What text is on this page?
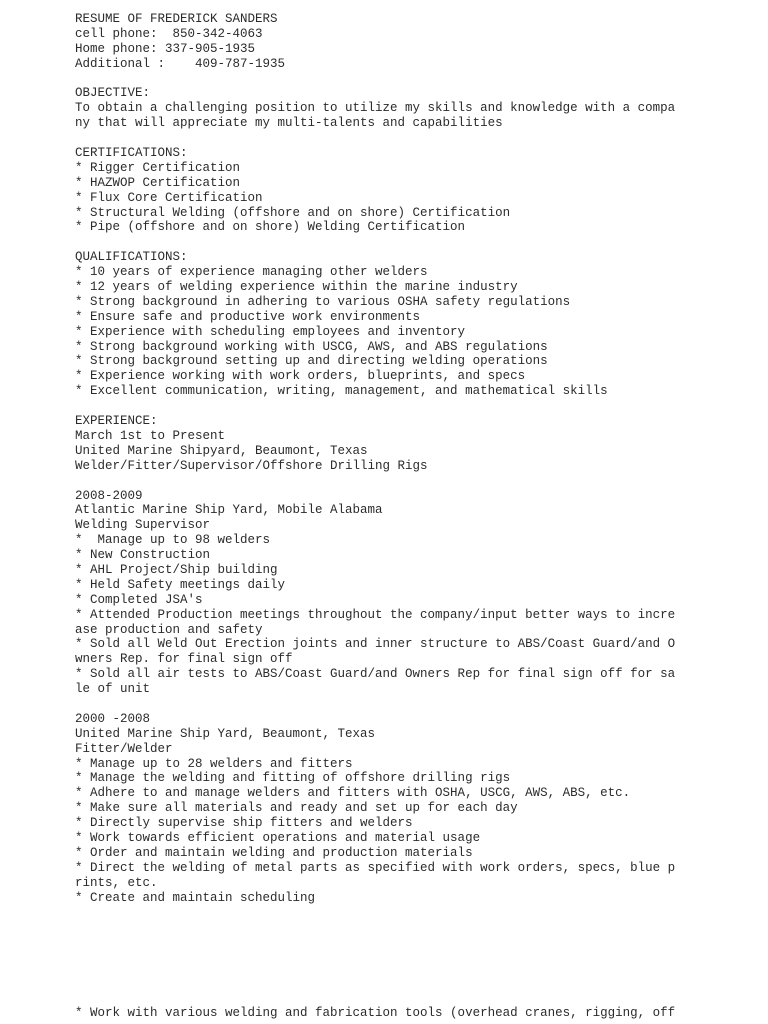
RESUME OF FREDERICK SANDERS
cell phone:  850-342-4063
Home phone: 337-905-1935
Additional :    409-787-1935
OBJECTIVE:
To obtain a challenging position to utilize my skills and knowledge with a compa
ny that will appreciate my multi-talents and capabilities
CERTIFICATIONS:
* Rigger Certification
* HAZWOP Certification
* Flux Core Certification
* Structural Welding (offshore and on shore) Certification
* Pipe (offshore and on shore) Welding Certification
QUALIFICATIONS:
* 10 years of experience managing other welders
* 12 years of welding experience within the marine industry
* Strong background in adhering to various OSHA safety regulations
* Ensure safe and productive work environments
* Experience with scheduling employees and inventory
* Strong background working with USCG, AWS, and ABS regulations
* Strong background setting up and directing welding operations
* Experience working with work orders, blueprints, and specs
* Excellent communication, writing, management, and mathematical skills
EXPERIENCE:
March 1st to Present
United Marine Shipyard, Beaumont, Texas
Welder/Fitter/Supervisor/Offshore Drilling Rigs
2008-2009
Atlantic Marine Ship Yard, Mobile Alabama
Welding Supervisor
*  Manage up to 98 welders
* New Construction
* AHL Project/Ship building
* Held Safety meetings daily
* Completed JSA's
* Attended Production meetings throughout the company/input better ways to incre
ase production and safety
* Sold all Weld Out Erection joints and inner structure to ABS/Coast Guard/and O
wners Rep. for final sign off
* Sold all air tests to ABS/Coast Guard/and Owners Rep for final sign off for sa
le of unit
2000 -2008
United Marine Ship Yard, Beaumont, Texas
Fitter/Welder
* Manage up to 28 welders and fitters
* Manage the welding and fitting of offshore drilling rigs
* Adhere to and manage welders and fitters with OSHA, USCG, AWS, ABS, etc.
* Make sure all materials and ready and set up for each day
* Directly supervise ship fitters and welders
* Work towards efficient operations and material usage
* Order and maintain welding and production materials
* Direct the welding of metal parts as specified with work orders, specs, blue p
rints, etc.
* Create and maintain scheduling
* Work with various welding and fabrication tools (overhead cranes, rigging, off
